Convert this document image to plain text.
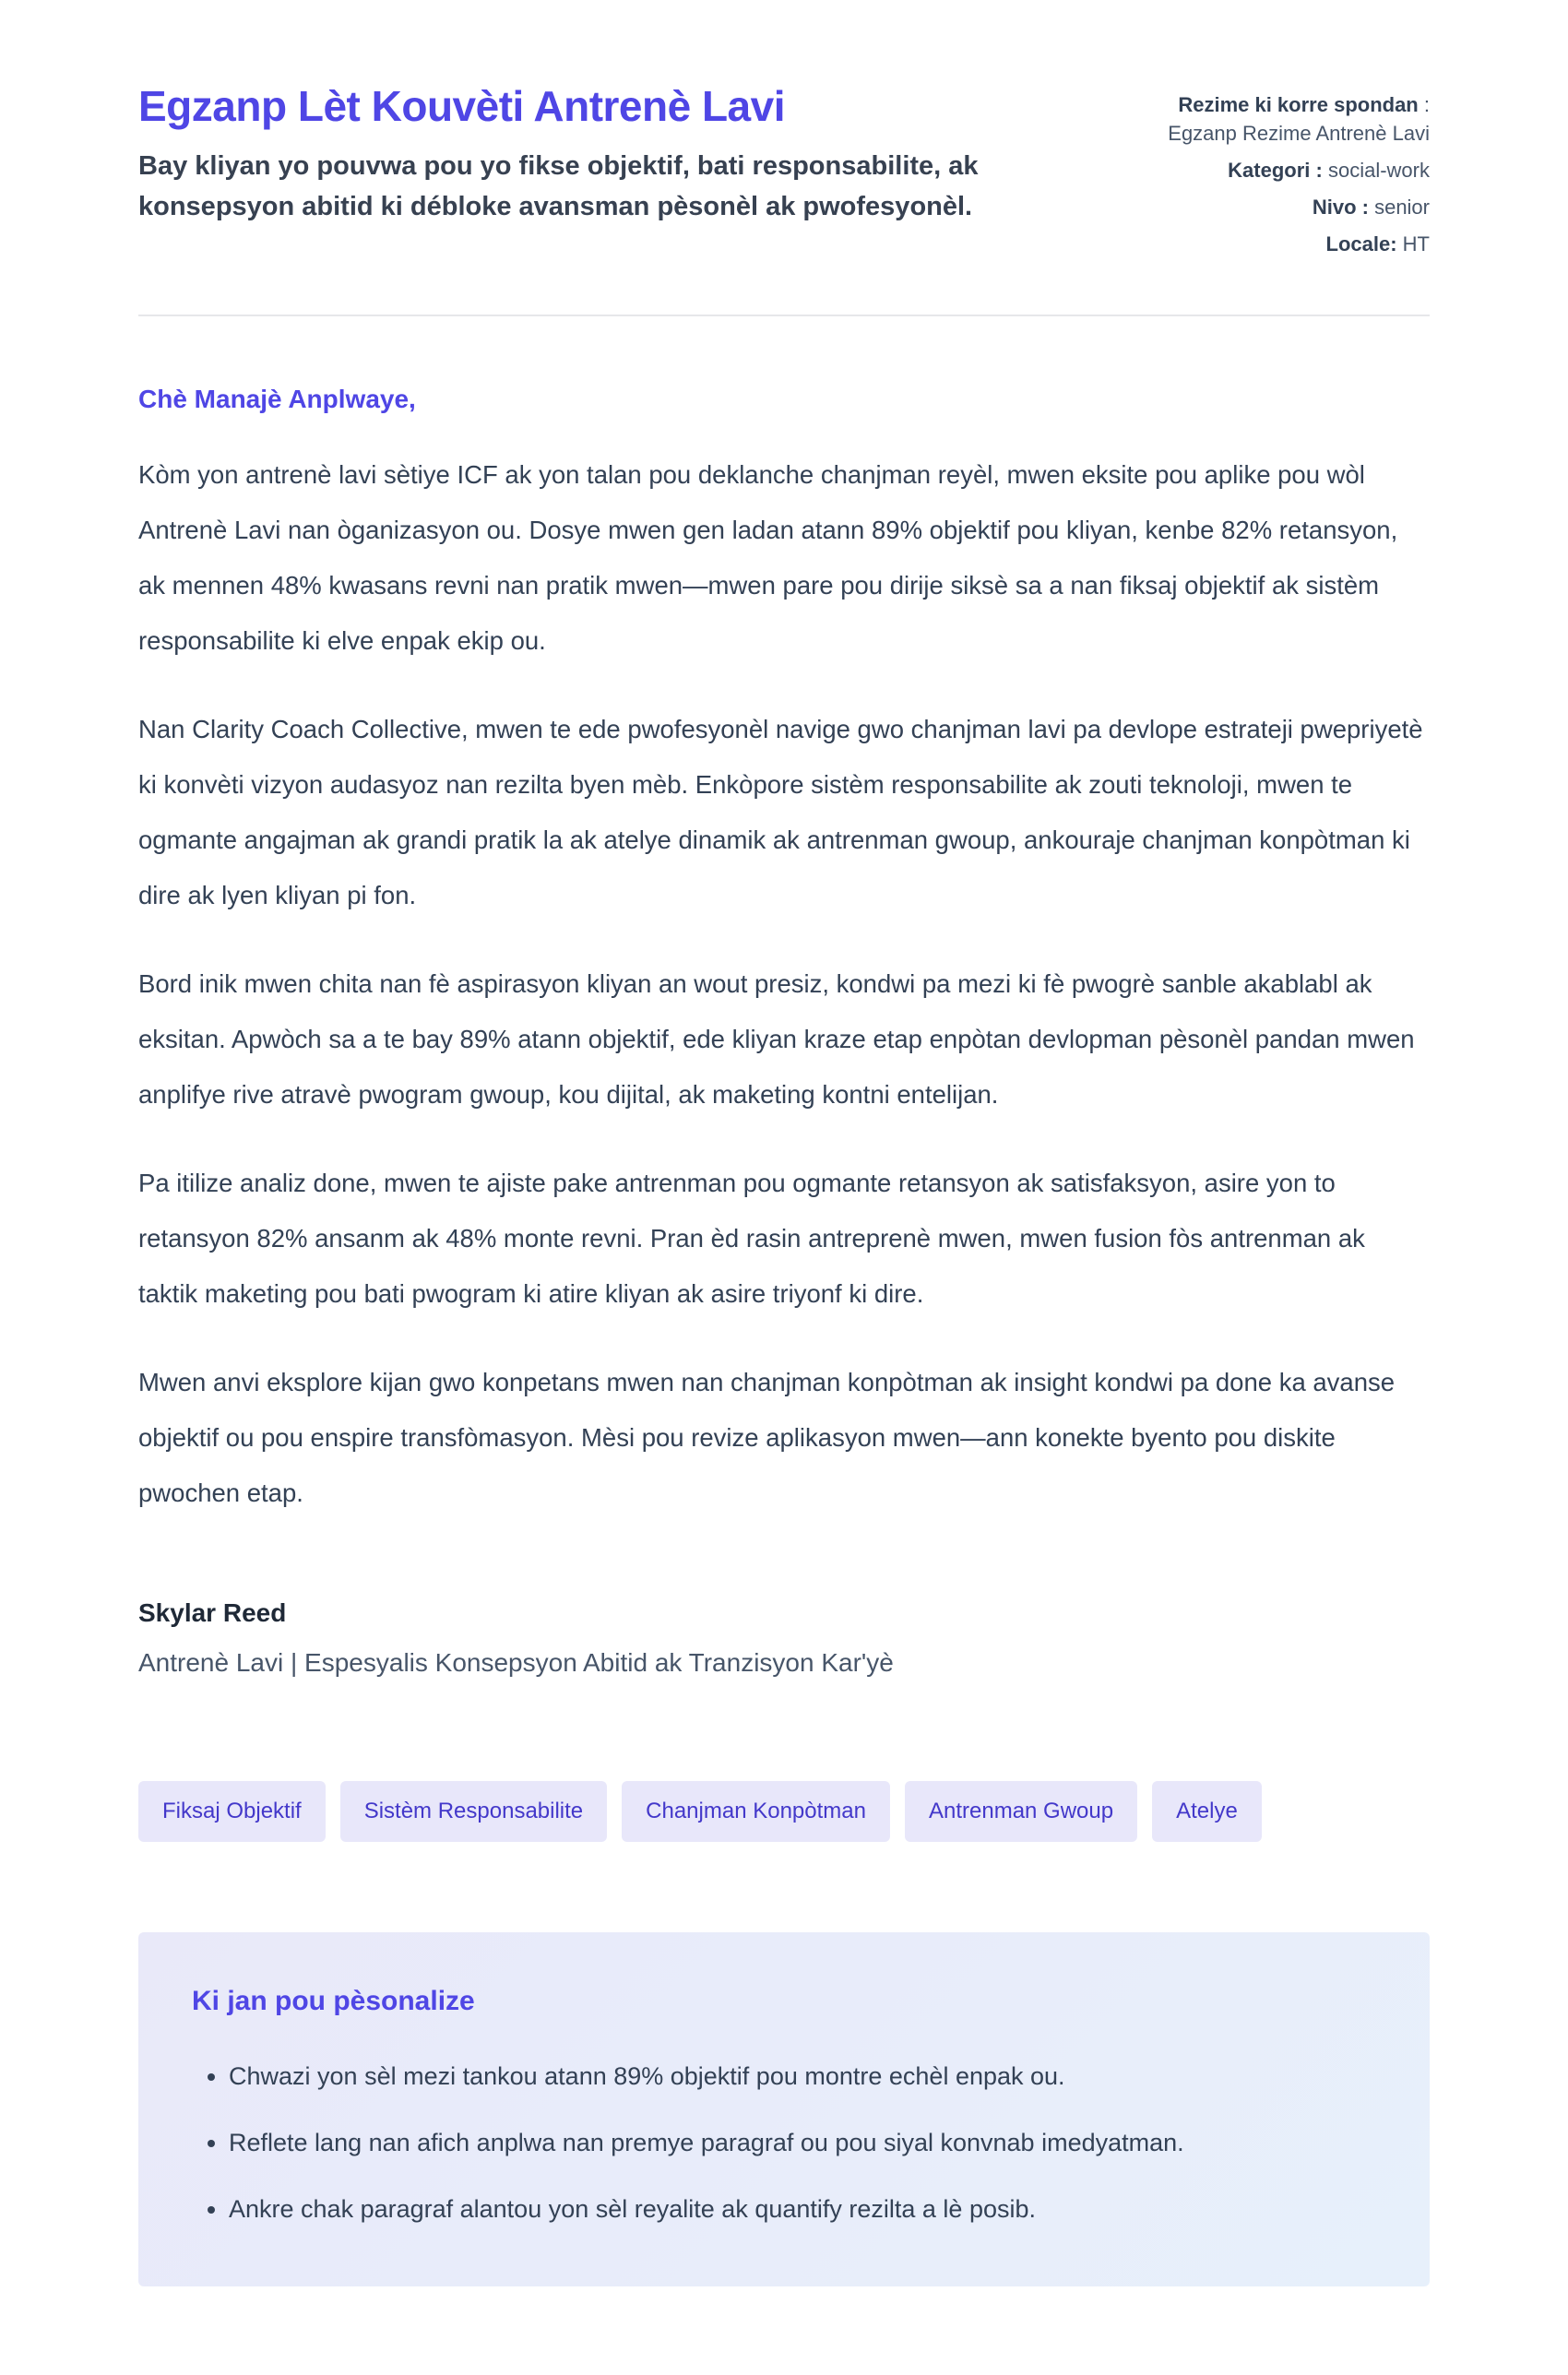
Egzanp Lèt Kouvèti Antrenè Lavi
Bay kliyan yo pouvwa pou yo fikse objektif, bati responsabilite, ak konsepsyon abitid ki débloke avansman pèsonèl ak pwofesyonèl.
Rezime ki korre spondan : Egzanp Rezime Antrenè Lavi
Kategori : social-work
Nivo : senior
Locale: HT

Chè Manajè Anplwaye,

Kòm yon antrenè lavi sètiye ICF ak yon talan pou deklanche chanjman reyèl, mwen eksite pou aplike pou wòl Antrenè Lavi nan òganizasyon ou. Dosye mwen gen ladan atann 89% objektif pou kliyan, kenbe 82% retansyon, ak mennen 48% kwasans revni nan pratik mwen—mwen pare pou dirije siksè sa a nan fiksaj objektif ak sistèm responsabilite ki elve enpak ekip ou.

Nan Clarity Coach Collective, mwen te ede pwofesyonèl navige gwo chanjman lavi pa devlope estrateji pwepriyetè ki konvèti vizyon audasyoz nan rezilta byen mèb. Enkòpore sistèm responsabilite ak zouti teknoloji, mwen te ogmante angajman ak grandi pratik la ak atelye dinamik ak antrenman gwoup, ankouraje chanjman konpòtman ki dire ak lyen kliyan pi fon.

Bord inik mwen chita nan fè aspirasyon kliyan an wout presiz, kondwi pa mezi ki fè pwogrè sanble akablabl ak eksitan. Apwòch sa a te bay 89% atann objektif, ede kliyan kraze etap enpòtan devlopman pèsonèl pandan mwen anplifye rive atravè pwogram gwoup, kou dijital, ak maketing kontni entelijan.

Pa itilize analiz done, mwen te ajiste pake antrenman pou ogmante retansyon ak satisfaksyon, asire yon to retansyon 82% ansanm ak 48% monte revni. Pran èd rasin antreprenè mwen, mwen fusion fòs antrenman ak taktik maketing pou bati pwogram ki atire kliyan ak asire triyonf ki dire.

Mwen anvi eksplore kijan gwo konpetans mwen nan chanjman konpòtman ak insight kondwi pa done ka avanse objektif ou pou enspire transfòmasyon. Mèsi pou revize aplikasyon mwen—ann konekte byento pou diskite pwochen etap.

Skylar Reed

Antrenè Lavi | Espesyalis Konsepsyon Abitid ak Tranzisyon Kar'yè

Fiksaj Objektif	Sistèm Responsabilite	Chanjman Konpòtman	Antrenman Gwoup	Atelye
Ki jan pou pèsonalize
• Chwazi yon sèl mezi tankou atann 89% objektif pou montre echèl enpak ou.
• Reflete lang nan afich anplwa nan premye paragraf ou pou siyal konvnab imedyatman.
• Ankre chak paragraf alantou yon sèl reyalite ak quantify rezilta a lè posib.
